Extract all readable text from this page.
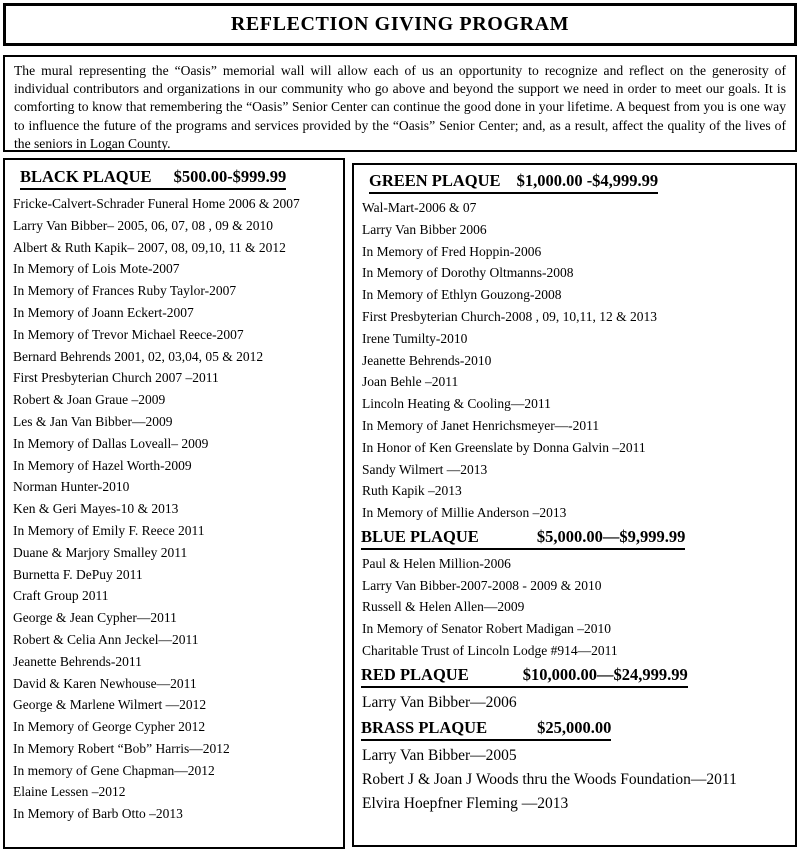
REFLECTION GIVING PROGRAM

The mural representing the “Oasis” memorial wall will allow each of us an opportunity to recognize and reflect on the generosity of individual contributors and organizations in our community who go above and beyond the support we need in order to meet our goals. It is comforting to know that remembering the “Oasis” Senior Center can continue the good done in your lifetime. A bequest from you is one way to influence the future of the programs and services provided by the “Oasis” Senior Center; and, as a result, affect the quality of the lives of the seniors in Logan County.

BLACK PLAQUE $500.00-$999.99
Fricke-Calvert-Schrader Funeral Home 2006 & 2007
Larry Van Bibber– 2005, 06, 07, 08 , 09 & 2010
Albert & Ruth Kapik– 2007, 08, 09,10, 11 & 2012
In Memory of Lois Mote-2007
In Memory of Frances Ruby Taylor-2007
In Memory of Joann Eckert-2007
In Memory of Trevor Michael Reece-2007
Bernard Behrends 2001, 02, 03,04, 05 & 2012
First Presbyterian Church 2007 –2011
Robert & Joan Graue –2009
Les & Jan Van Bibber—2009
In Memory of Dallas Loveall– 2009
In Memory of Hazel Worth-2009
Norman Hunter-2010
Ken & Geri Mayes-10 & 2013
In Memory of Emily F. Reece 2011
Duane & Marjory Smalley 2011
Burnetta F. DePuy 2011
Craft Group 2011
George & Jean Cypher—2011
Robert & Celia Ann Jeckel—2011
Jeanette Behrends-2011
David & Karen Newhouse—2011
George & Marlene Wilmert —2012
In Memory of George Cypher 2012
In Memory Robert “Bob” Harris—2012
In memory of Gene Chapman—2012
Elaine Lessen –2012
In Memory of Barb Otto –2013
GREEN PLAQUE $1,000.00 -$4,999.99
Wal-Mart-2006 & 07
Larry Van Bibber 2006
In Memory of Fred Hoppin-2006
In Memory of Dorothy Oltmanns-2008
In Memory of Ethlyn Gouzong-2008
First Presbyterian Church-2008 , 09, 10,11, 12 & 2013
Irene Tumilty-2010
Jeanette Behrends-2010
Joan Behle –2011
Lincoln Heating & Cooling—2011
In Memory of Janet Henrichsmeyer—-2011
In Honor of Ken Greenslate by Donna Galvin –2011
Sandy Wilmert —2013
Ruth Kapik –2013
In Memory of Millie Anderson –2013
BLUE PLAQUE	$5,000.00—$9,999.99
Paul & Helen Million-2006
Larry Van Bibber-2007-2008 - 2009 & 2010
Russell & Helen Allen—2009
In Memory of Senator Robert Madigan –2010
Charitable Trust of Lincoln Lodge #914—2011
RED PLAQUE	$10,000.00—$24,999.99
Larry Van Bibber—2006
BRASS PLAQUE	$25,000.00
Larry Van Bibber—2005
Robert J & Joan J Woods thru the Woods Foundation—2011
Elvira Hoepfner Fleming —2013
